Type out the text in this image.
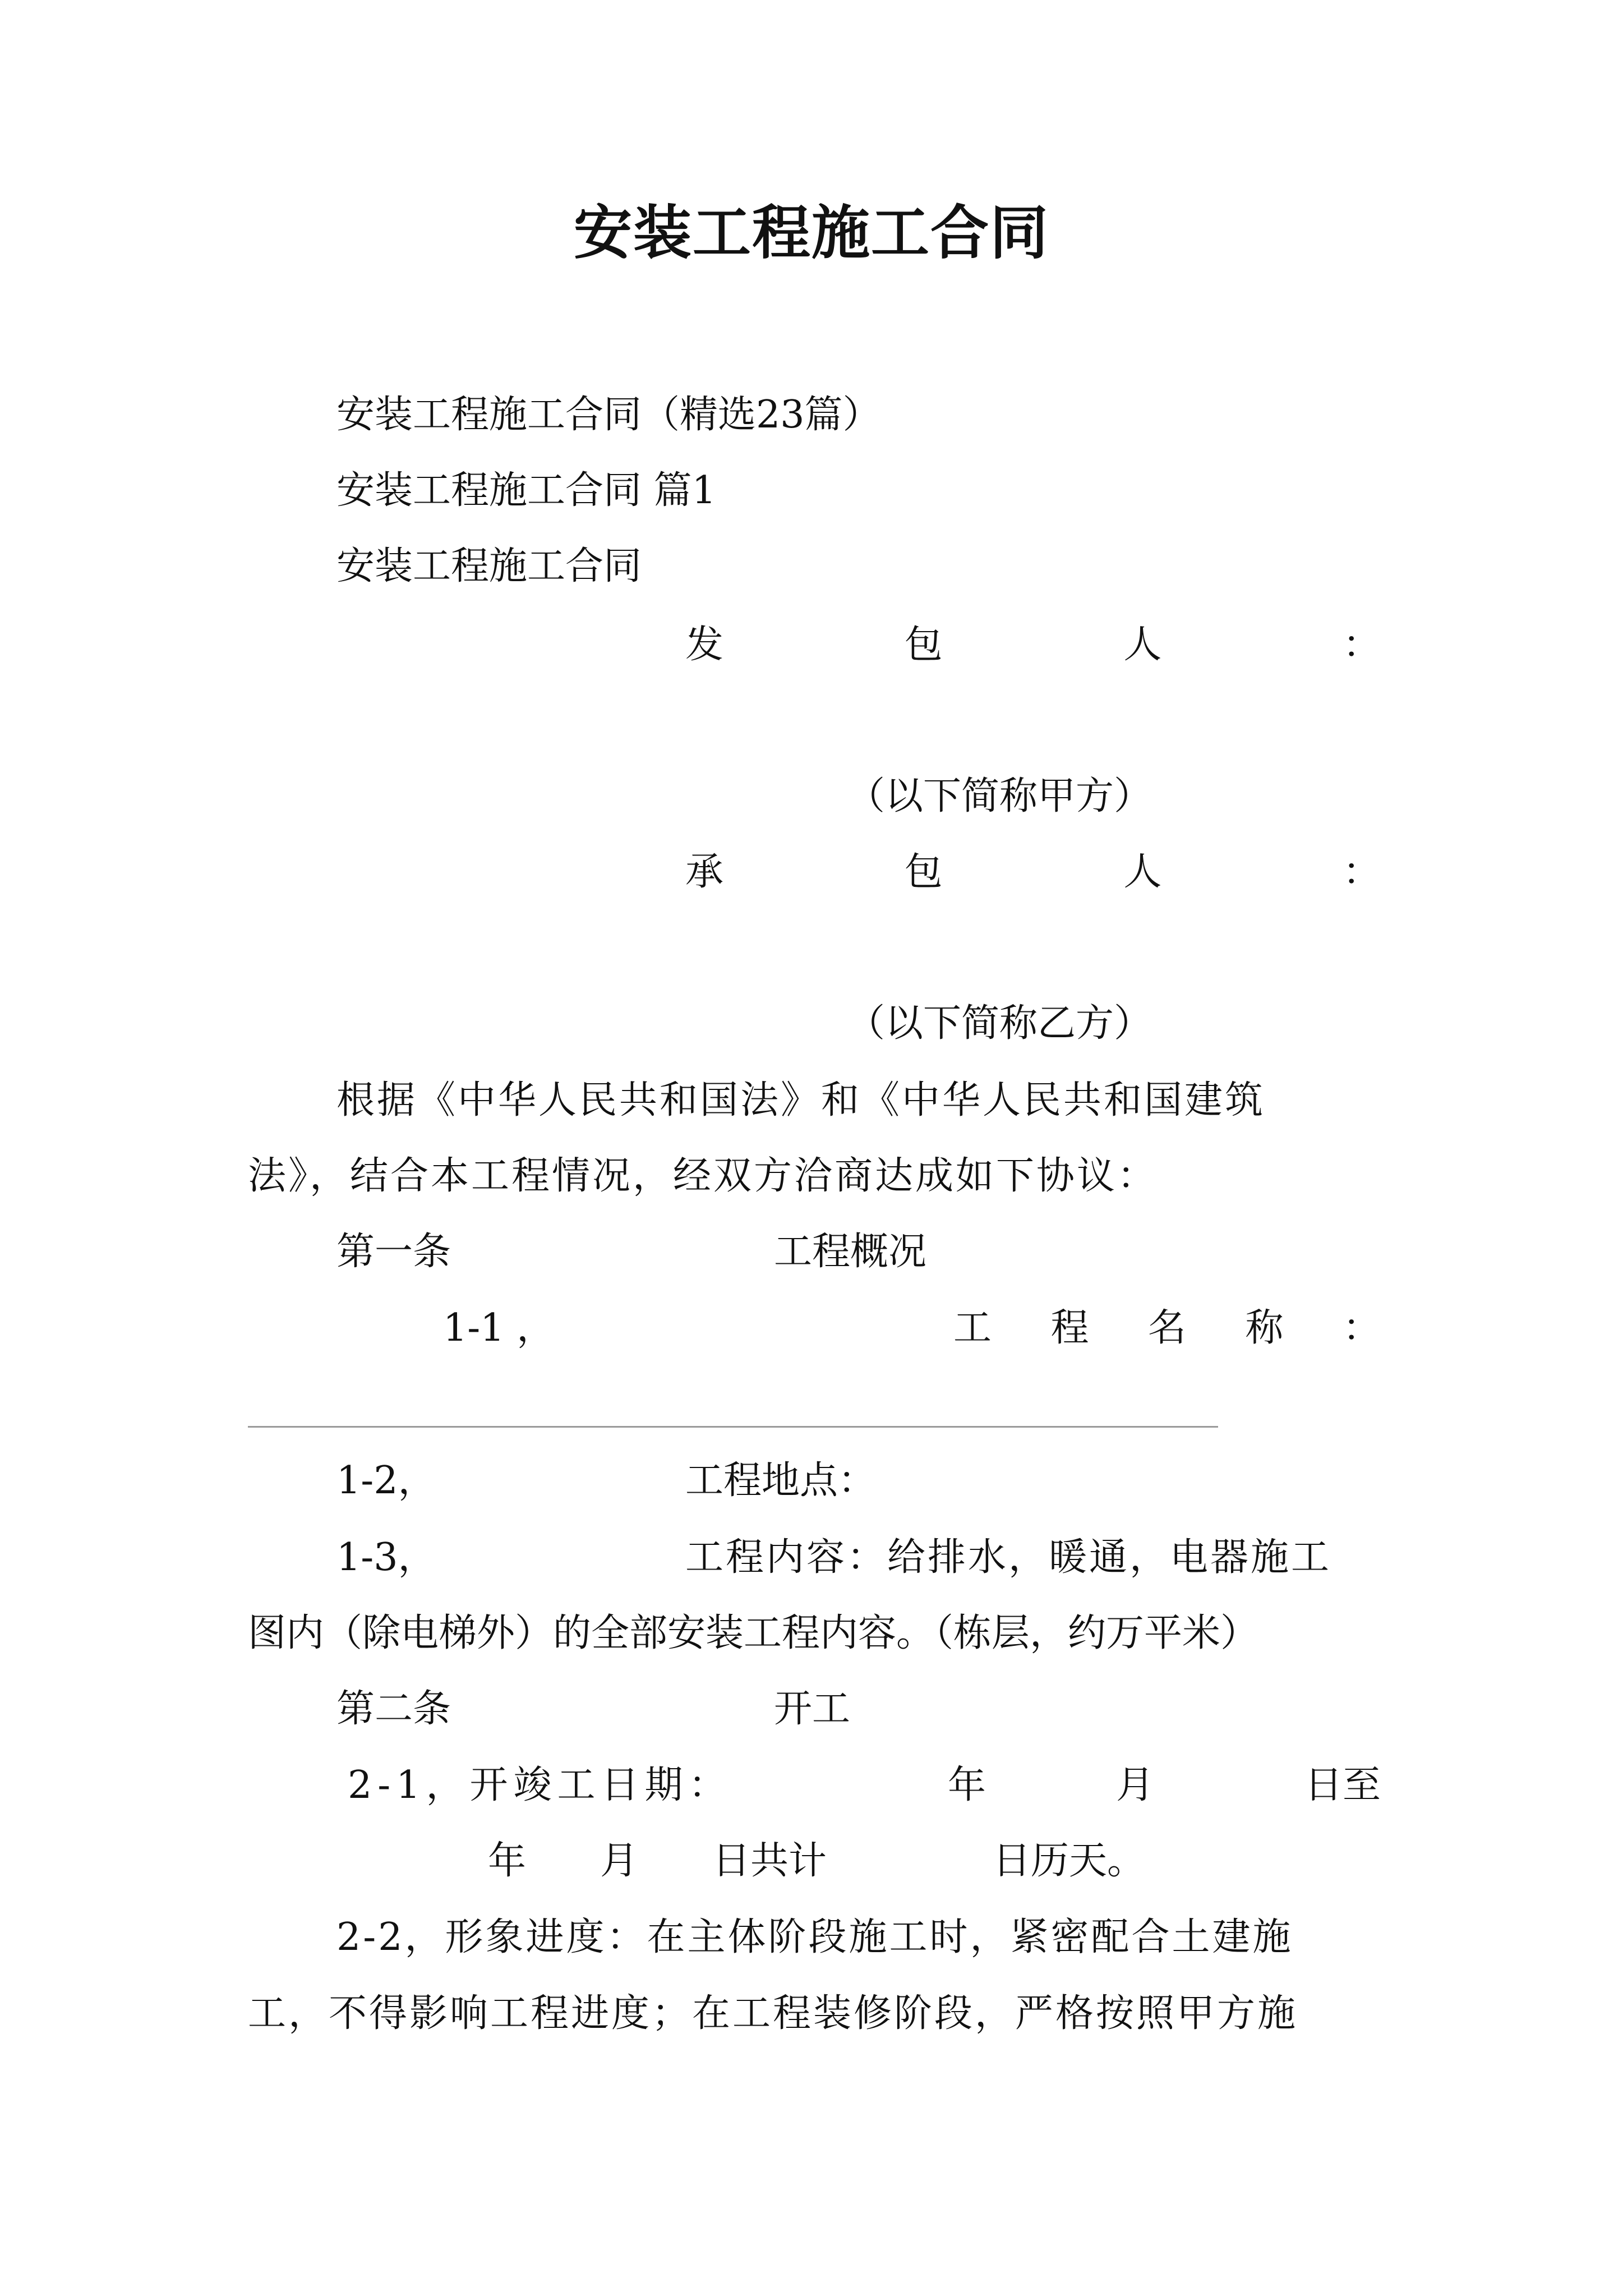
安装工程施工合同
安装工程施工合同（精选23篇）
安装工程施工合同 篇1
安装工程施工合同
发	包	人	：
（以下简称甲方）
承	包	人	：
（以下简称乙方）
根据《中华人民共和国法》和《中华人民共和国建筑
法》，结合本工程情况，经双方洽商达成如下协议：
第一条	工程概况
1-1 ，	工 程 名 称 ：
1-2，	工程地点：
1-3，	工程内容：给排水，暖通，电器施工
图内（除电梯外）的全部安装工程内容。（栋层，约万平米）
第二条	开工
2-1，开竣工日期：	年	月	日至
年 月 日共计	日历天。
2-2，形象进度：在主体阶段施工时，紧密配合土建施
工，不得影响工程进度；在工程装修阶段，严格按照甲方施
